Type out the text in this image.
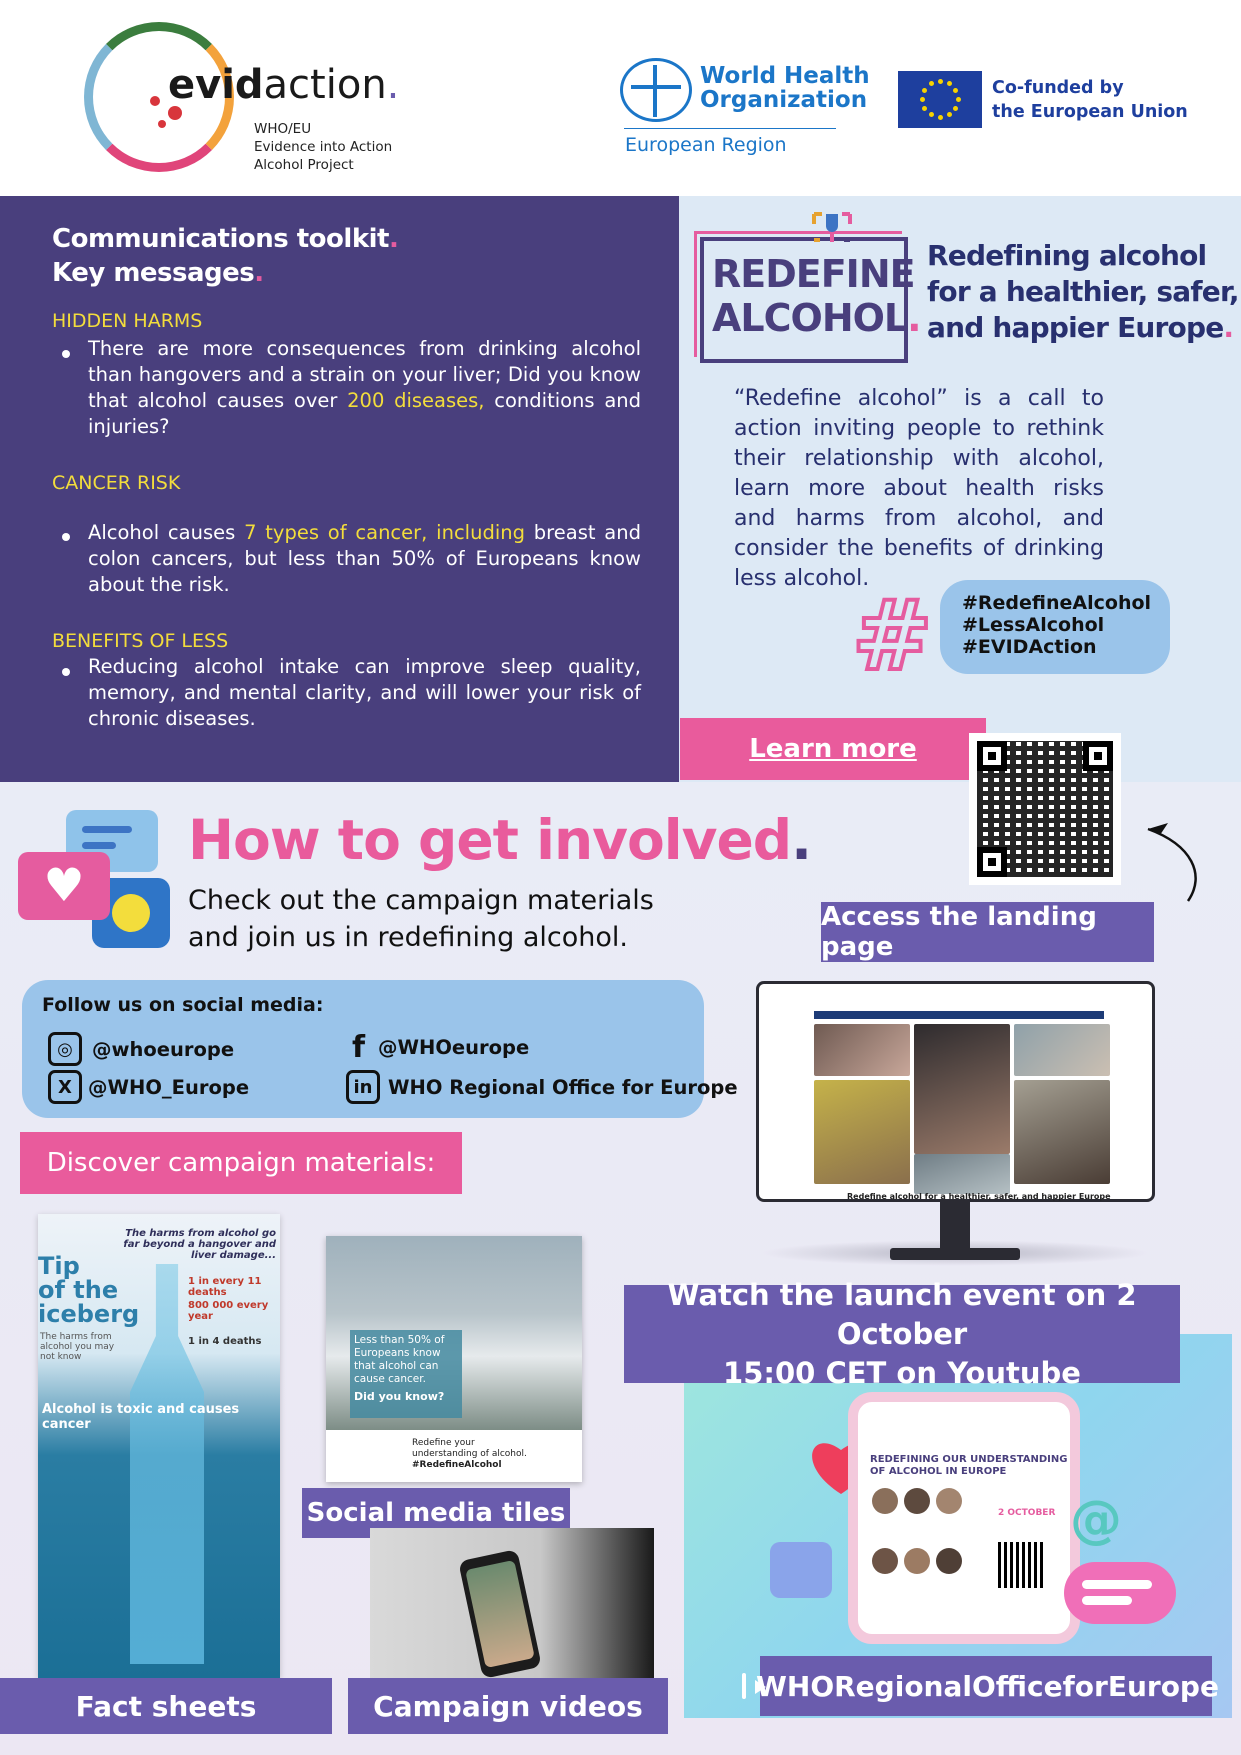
evidaction.
WHO/EU
Evidence into Action
Alcohol Project
World Health
Organization
European Region
Co-funded by
the European Union
Communications toolkit.
Key messages.
HIDDEN HARMS
There are more consequences from drinking alcohol than hangovers and a strain on your liver; Did you know that alcohol causes over 200 diseases, conditions and injuries?
CANCER RISK
Alcohol causes 7 types of cancer, including breast and colon cancers, but less than 50% of Europeans know about the risk.
BENEFITS OF LESS
Reducing alcohol intake can improve sleep quality, memory, and mental clarity, and will lower your risk of chronic diseases.
REDEFINE
ALCOHOL.
Redefining alcohol
for a healthier, safer,
and happier Europe.
“Redefine alcohol” is a call to action inviting people to rethink their relationship with alcohol, learn more about health risks and harms from alcohol, and consider the benefits of drinking less alcohol.
# #RedefineAlcohol
#LessAlcohol
#EVIDAction
Learn more
♥
How to get involved.
Check out the campaign materials
and join us in redefining alcohol.
Access the landing page
Follow us on social media:
◎ @whoeurope
X @WHO_Europe
f @WHOeurope
in WHO Regional Office for Europe
Redefine alcohol for a healthier, safer, and happier Europe
Discover campaign materials:
The harms from alcohol go far beyond a hangover and liver damage...
Tip
of the
iceberg
The harms from alcohol you may not know
1 in every 11 deaths
800 000 every year
1 in 4 deaths
Alcohol is toxic and causes cancer
Less than 50% of Europeans know that alcohol can cause cancer.
Did you know?
Redefine your
understanding of alcohol.
#RedefineAlcohol
Social media tiles
Fact sheets	Campaign videos
Watch the launch event on 2 October
15:00 CET on Youtube
REDEFINING OUR UNDERSTANDING
OF ALCOHOL IN EUROPE
2 OCTOBER @
WHORegionalOfficeforEurope
